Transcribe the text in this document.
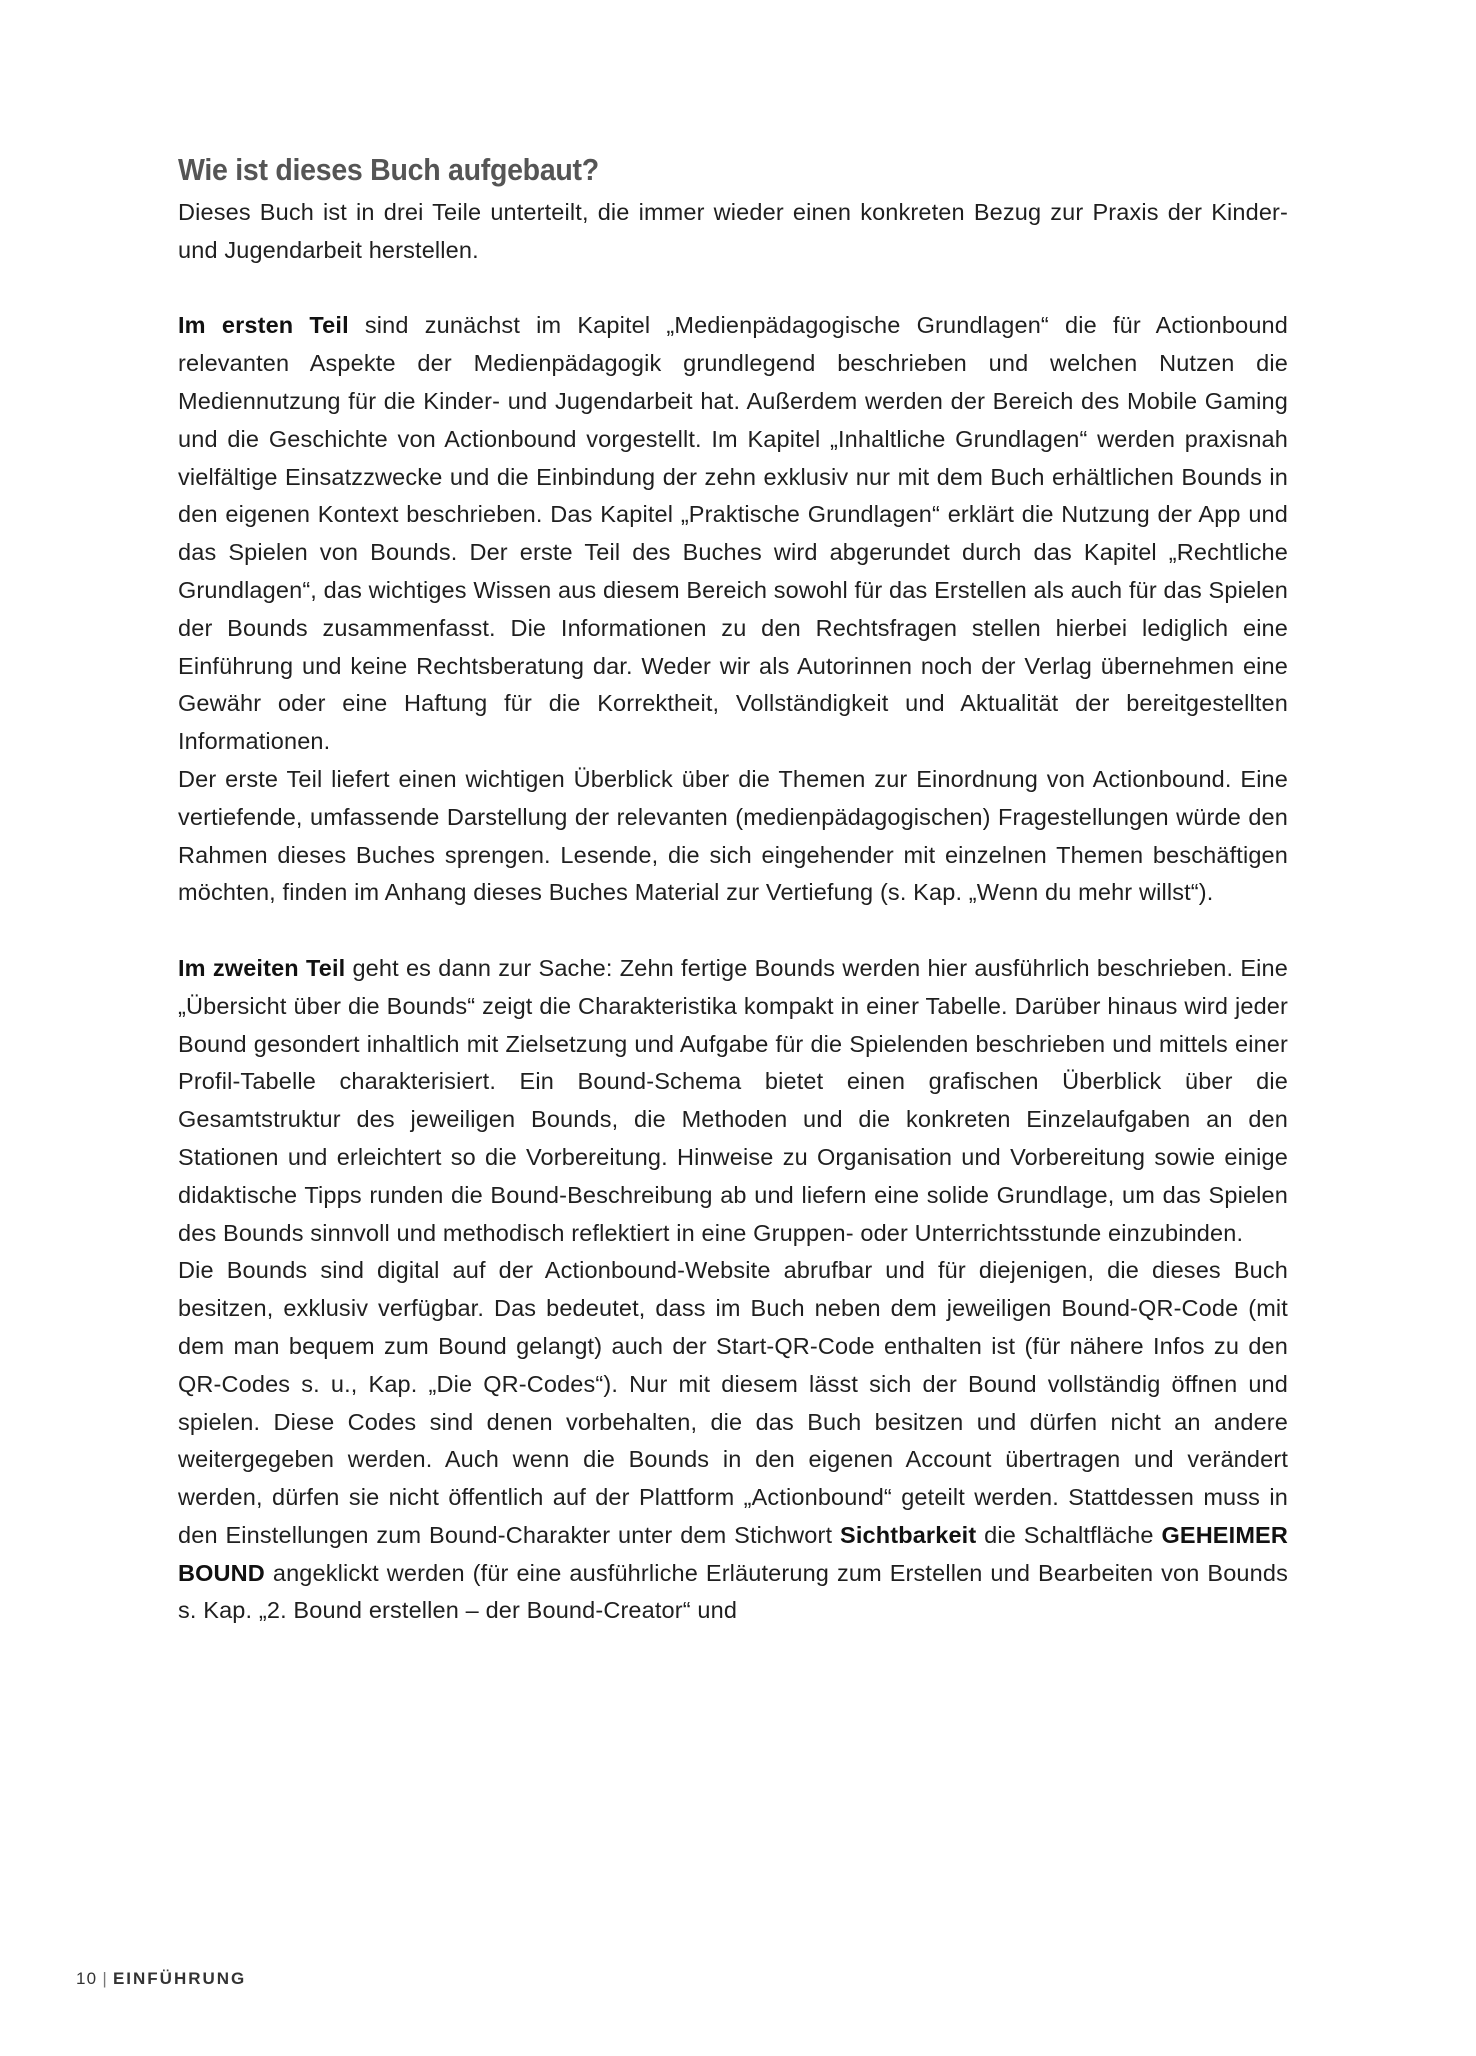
Wie ist dieses Buch aufgebaut?

Dieses Buch ist in drei Teile unterteilt, die immer wieder einen konkreten Bezug zur Praxis der Kinder- und Jugendarbeit herstellen.

Im ersten Teil sind zunächst im Kapitel „Medienpädagogische Grundlagen“ die für Actionbound relevanten Aspekte der Medienpädagogik grundlegend beschrieben und welchen Nutzen die Mediennutzung für die Kinder- und Jugendarbeit hat. Außerdem werden der Bereich des Mobile Gaming und die Geschichte von Actionbound vorgestellt. Im Kapitel „Inhaltliche Grundlagen“ werden praxisnah vielfältige Einsatzzwecke und die Einbindung der zehn exklusiv nur mit dem Buch erhältlichen Bounds in den eigenen Kontext beschrieben. Das Kapitel „Praktische Grundlagen“ erklärt die Nutzung der App und das Spielen von Bounds. Der erste Teil des Buches wird abgerundet durch das Kapitel „Rechtliche Grundlagen“, das wichtiges Wissen aus diesem Bereich sowohl für das Erstellen als auch für das Spielen der Bounds zusammenfasst. Die Informationen zu den Rechtsfragen stellen hierbei lediglich eine Einführung und keine Rechtsberatung dar. Weder wir als Autorinnen noch der Verlag übernehmen eine Gewähr oder eine Haftung für die Korrektheit, Vollständigkeit und Aktualität der bereitgestellten Informationen.

Der erste Teil liefert einen wichtigen Überblick über die Themen zur Einordnung von Actionbound. Eine vertiefende, umfassende Darstellung der relevanten (medienpädagogischen) Fragestellungen würde den Rahmen dieses Buches sprengen. Lesende, die sich eingehender mit einzelnen Themen beschäftigen möchten, finden im Anhang dieses Buches Material zur Vertiefung (s. Kap. „Wenn du mehr willst“).

Im zweiten Teil geht es dann zur Sache: Zehn fertige Bounds werden hier ausführlich beschrieben. Eine „Übersicht über die Bounds“ zeigt die Charakteristika kompakt in einer Tabelle. Darüber hinaus wird jeder Bound gesondert inhaltlich mit Zielsetzung und Aufgabe für die Spielenden beschrieben und mittels einer Profil-Tabelle charakterisiert. Ein Bound-Schema bietet einen grafischen Überblick über die Gesamtstruktur des jeweiligen Bounds, die Methoden und die konkreten Einzelaufgaben an den Stationen und erleichtert so die Vorbereitung. Hinweise zu Organisation und Vorbereitung sowie einige didaktische Tipps runden die Bound-Beschreibung ab und liefern eine solide Grundlage, um das Spielen des Bounds sinnvoll und methodisch reflektiert in eine Gruppen- oder Unterrichtsstunde einzubinden.

Die Bounds sind digital auf der Actionbound-Website abrufbar und für diejenigen, die dieses Buch besitzen, exklusiv verfügbar. Das bedeutet, dass im Buch neben dem jeweiligen Bound-QR-Code (mit dem man bequem zum Bound gelangt) auch der Start-QR-Code enthalten ist (für nähere Infos zu den QR-Codes s. u., Kap. „Die QR-Codes“). Nur mit diesem lässt sich der Bound vollständig öffnen und spielen. Diese Codes sind denen vorbehalten, die das Buch besitzen und dürfen nicht an andere weitergegeben werden. Auch wenn die Bounds in den eigenen Account übertragen und verändert werden, dürfen sie nicht öffentlich auf der Plattform „Actionbound“ geteilt werden. Stattdessen muss in den Einstellungen zum Bound-Charakter unter dem Stichwort Sichtbarkeit die Schaltfläche GEHEIMER BOUND angeklickt werden (für eine ausführliche Erläuterung zum Erstellen und Bearbeiten von Bounds s. Kap. „2. Bound erstellen – der Bound-Creator“ und

10 | EINFÜHRUNG
